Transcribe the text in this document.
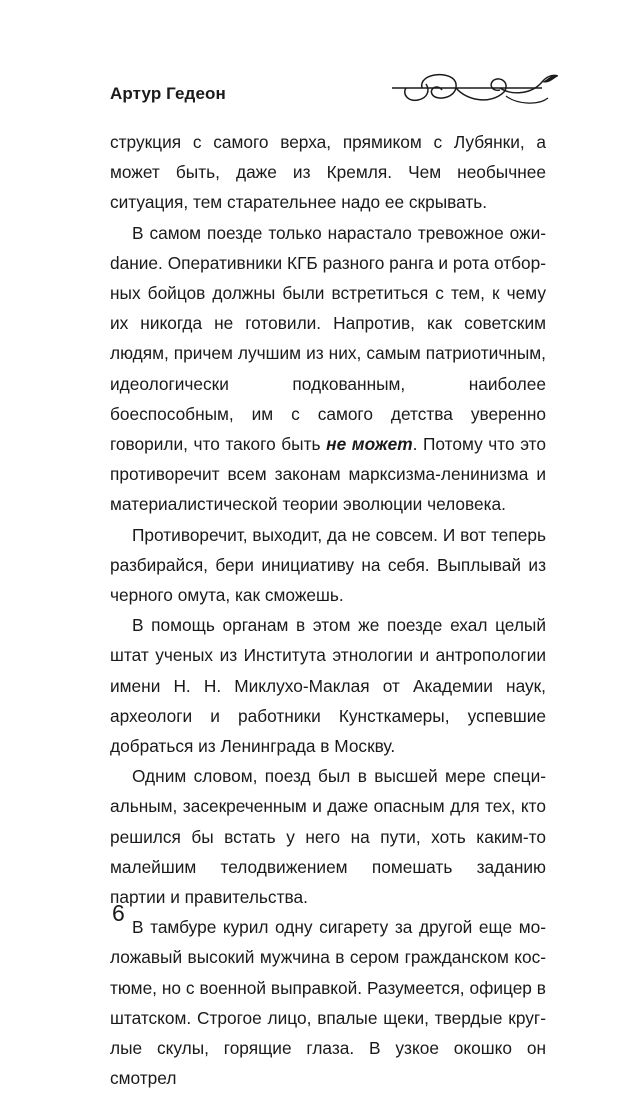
Артур Гедеон

струкция с самого верха, прямиком с Лубянки, а может быть, даже из Кремля. Чем необычнее ситуация, тем старательнее надо ее скрывать.

В самом поезде только нарастало тревожное ожиdание. Оперативники КГБ разного ранга и рота отборных бойцов должны были встретиться с тем, к чему их никогда не готовили. Напротив, как советским людям, причем лучшим из них, самым патриотичным, идеологически подкованным, наиболее боеспособным, им с самого детства уверенно говорили, что такого быть не может. Потому что это противоречит всем законам марксизма-ленинизма и материалистической теории эволюции человека.

Противоречит, выходит, да не совсем. И вот теперь разбирайся, бери инициативу на себя. Выплывай из черного омута, как сможешь.

В помощь органам в этом же поезде ехал целый штат ученых из Института этнологии и антропологии имени Н. Н. Миклухо-Маклая от Академии наук, археологи и работники Кунсткамеры, успевшие добраться из Ленинграда в Москву.

Одним словом, поезд был в высшей мере специальным, засекреченным и даже опасным для тех, кто решился бы встать у него на пути, хоть каким-то малейшим телодвижением помешать заданию партии и правительства.

В тамбуре курил одну сигарету за другой еще моложавый высокий мужчина в сером гражданском костюме, но с военной выправкой. Разумеется, офицер в штатском. Строгое лицо, впалые щеки, твердые круглые скулы, горящие глаза. В узкое окошко он смотрел

6
